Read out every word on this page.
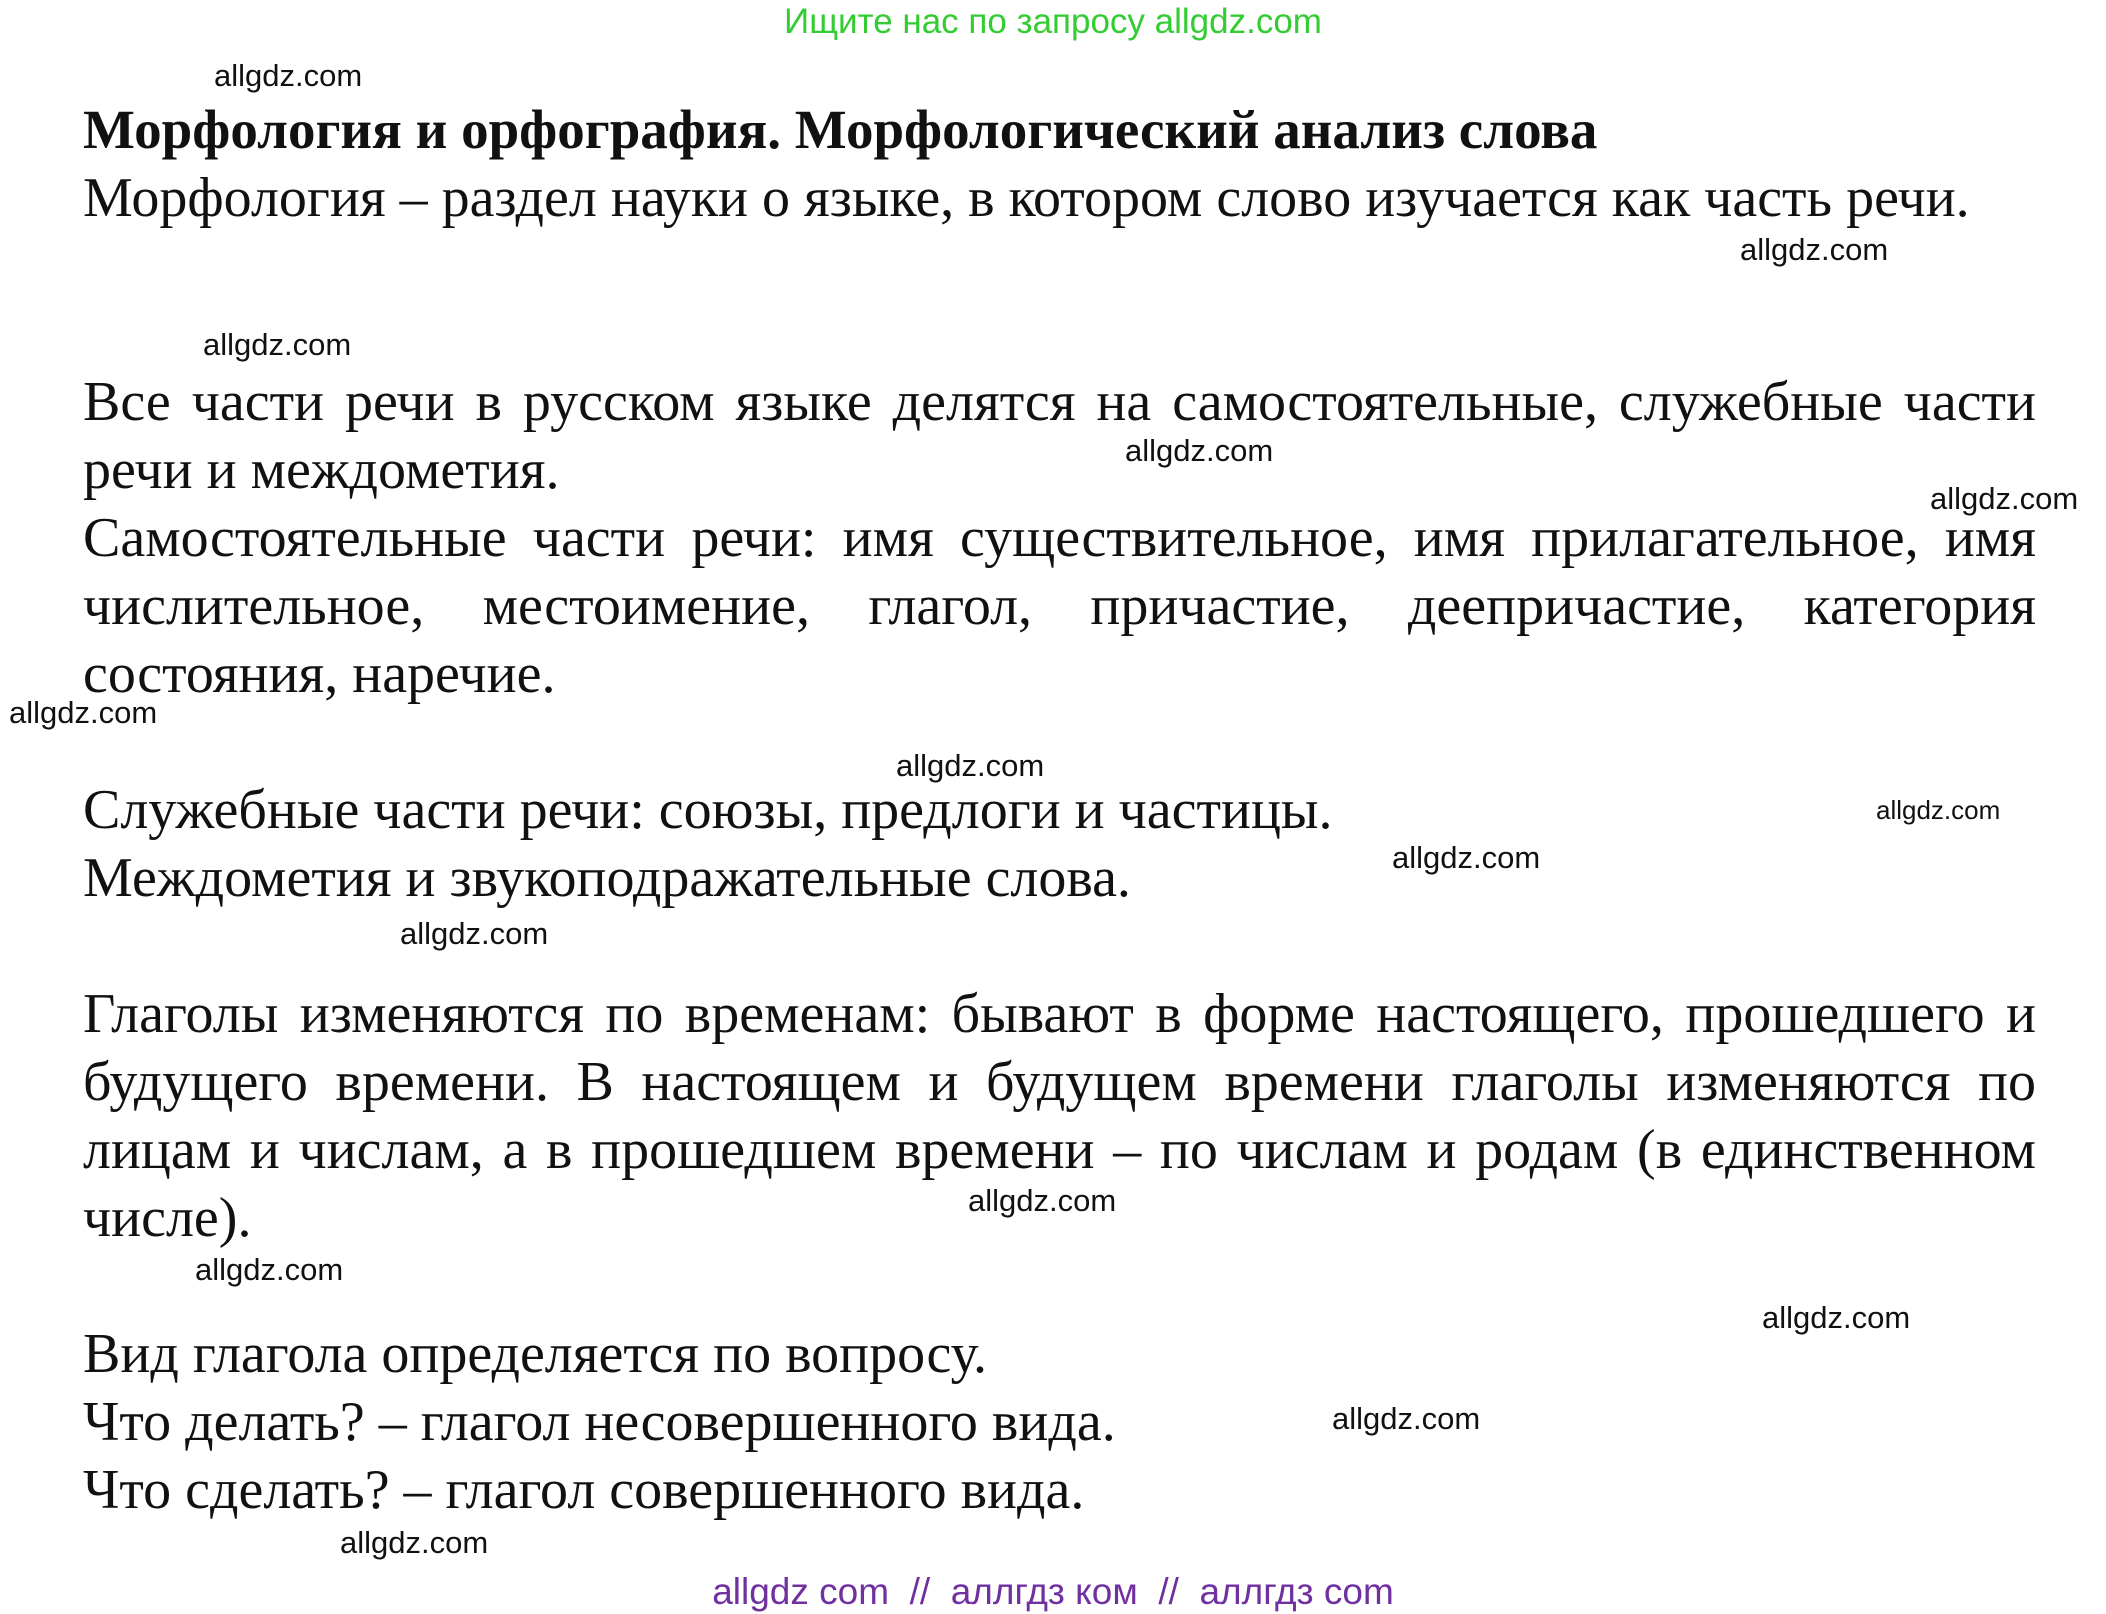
Ищите нас по запросу allgdz.com

Морфология и орфография. Морфологический анализ слова

Морфология – раздел науки о языке, в котором слово изучается как часть речи.

Все части речи в русском языке делятся на самостоятельные, служебные части речи и междометия.

Самостоятельные части речи: имя существительное, имя прилагательное, имя числительное, местоимение, глагол, причастие, деепричастие, категория состояния, наречие.

Служебные части речи: союзы, предлоги и частицы.

Междометия и звукоподражательные слова.

Глаголы изменяются по временам: бывают в форме настоящего, прошедшего и будущего времени. В настоящем и будущем времени глаголы изменяются по лицам и числам, а в прошедшем времени – по числам и родам (в единственном числе).

Вид глагола определяется по вопросу.

Что делать? – глагол несовершенного вида.

Что сделать? – глагол совершенного вида.

allgdz.com
allgdz.com
allgdz.com
allgdz.com
allgdz.com
allgdz.com
allgdz.com
allgdz.com
allgdz.com
allgdz.com
allgdz.com
allgdz.com
allgdz.com
allgdz.com
allgdz.com
allgdz com  //  аллгдз ком  //  аллгдз com
